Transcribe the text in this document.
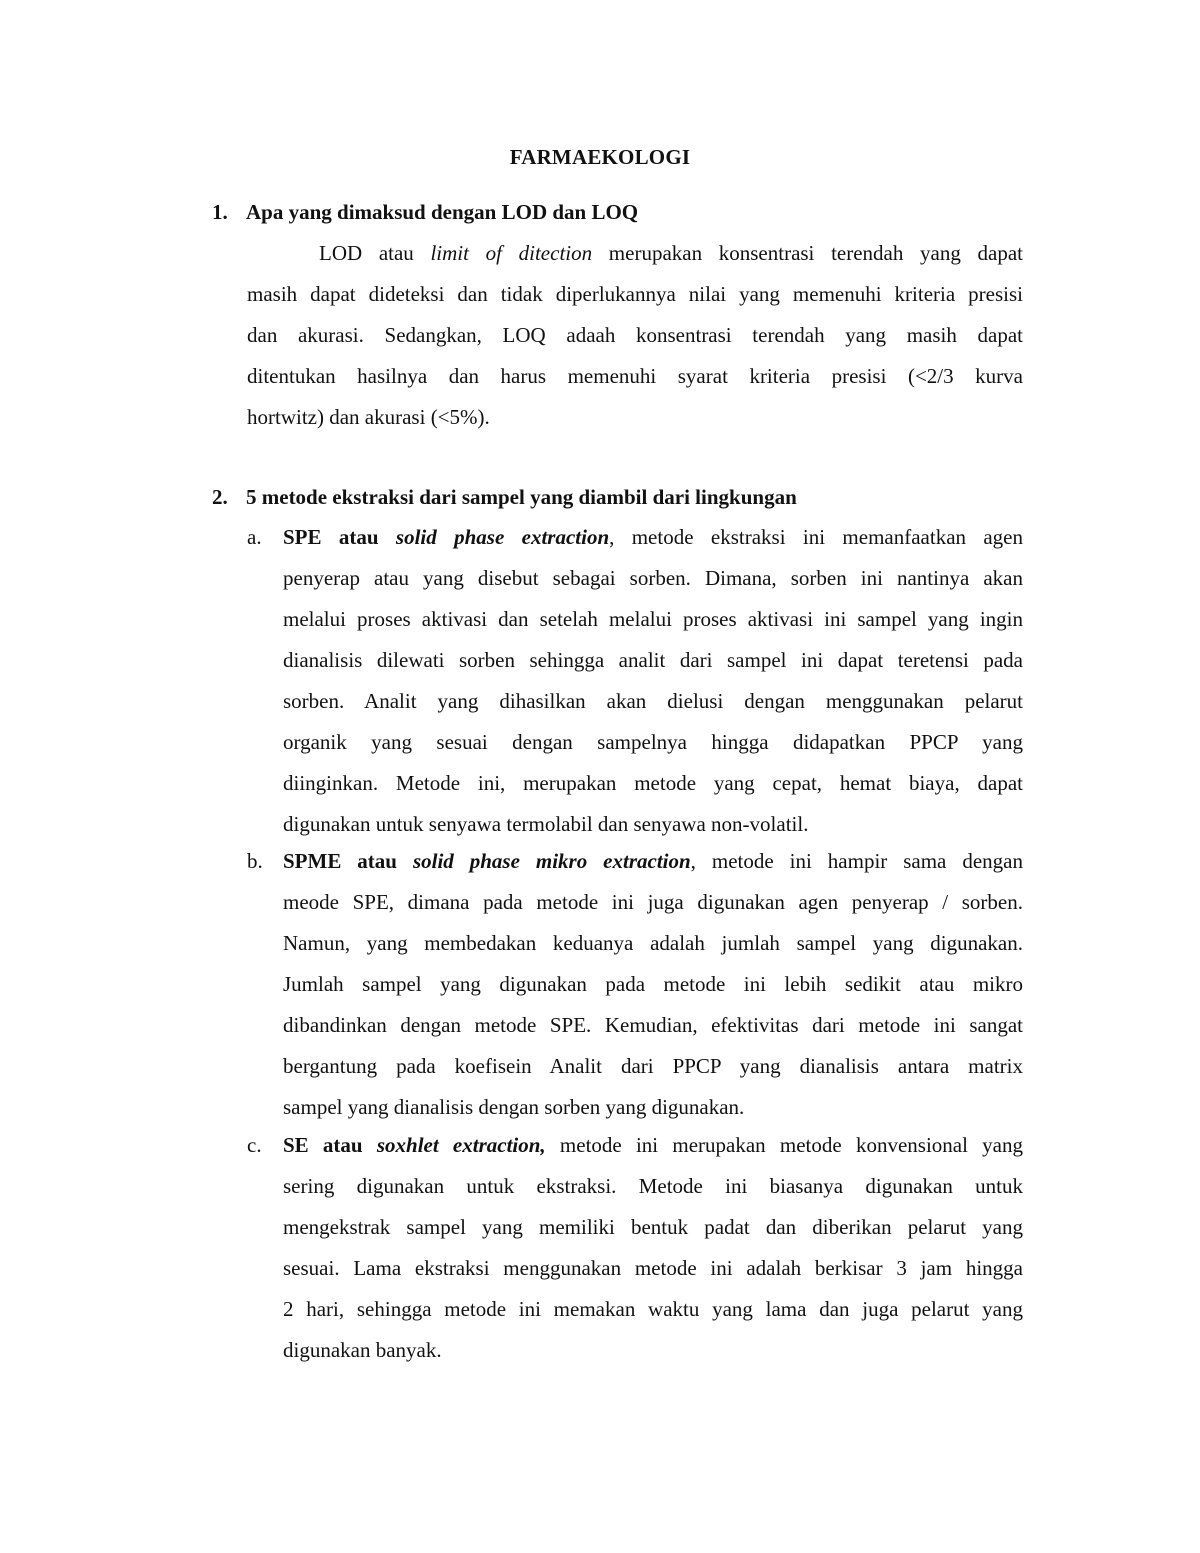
FARMAEKOLOGI
1. Apa yang dimaksud dengan LOD dan LOQ
LOD atau limit of ditection merupakan konsentrasi terendah yang dapat
masih dapat dideteksi dan tidak diperlukannya nilai yang memenuhi kriteria presisi
dan akurasi. Sedangkan, LOQ adaah konsentrasi terendah yang masih dapat
ditentukan hasilnya dan harus memenuhi syarat kriteria presisi (<2/3 kurva
hortwitz) dan akurasi (<5%).
2. 5 metode ekstraksi dari sampel yang diambil dari lingkungan
a.	SPE atau solid phase extraction, metode ekstraksi ini memanfaatkan agen
penyerap atau yang disebut sebagai sorben. Dimana, sorben ini nantinya akan
melalui proses aktivasi dan setelah melalui proses aktivasi ini sampel yang ingin
dianalisis dilewati sorben sehingga analit dari sampel ini dapat teretensi pada
sorben. Analit yang dihasilkan akan dielusi dengan menggunakan pelarut
organik yang sesuai dengan sampelnya hingga didapatkan PPCP yang
diinginkan. Metode ini, merupakan metode yang cepat, hemat biaya, dapat
digunakan untuk senyawa termolabil dan senyawa non-volatil.
b. SPME atau solid phase mikro extraction, metode ini hampir sama dengan
meode SPE, dimana pada metode ini juga digunakan agen penyerap / sorben.
Namun, yang membedakan keduanya adalah jumlah sampel yang digunakan.
Jumlah sampel yang digunakan pada metode ini lebih sedikit atau mikro
dibandinkan dengan metode SPE. Kemudian, efektivitas dari metode ini sangat
bergantung pada koefisein Analit dari PPCP yang dianalisis antara matrix
sampel yang dianalisis dengan sorben yang digunakan.
c.	SE atau soxhlet extraction, metode ini merupakan metode konvensional yang
sering digunakan untuk ekstraksi. Metode ini biasanya digunakan untuk
mengekstrak sampel yang memiliki bentuk padat dan diberikan pelarut yang
sesuai. Lama ekstraksi menggunakan metode ini adalah berkisar 3 jam hingga
2 hari, sehingga metode ini memakan waktu yang lama dan juga pelarut yang
digunakan banyak.
